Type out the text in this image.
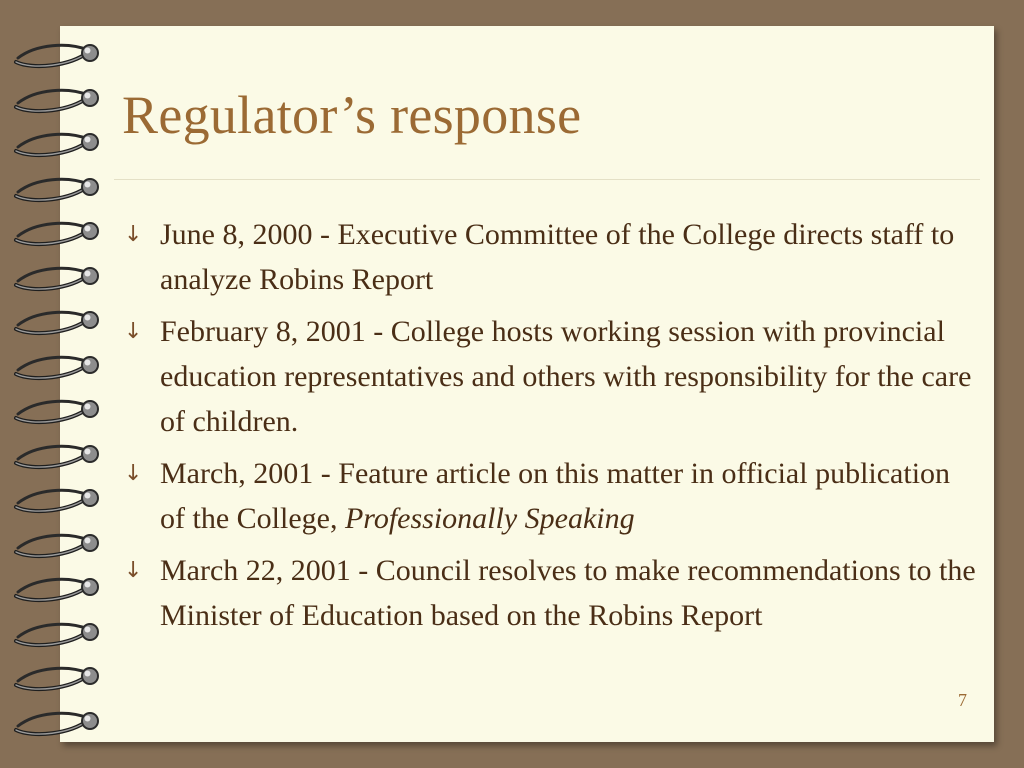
Regulator’s response
↓ June 8, 2000 - Executive Committee of the College directs staff to analyze Robins Report
↓ February 8, 2001 - College hosts working session with provincial education representatives and others with responsibility for the care of children.
↓ March, 2001 - Feature article on this matter in official publication of the College, Professionally Speaking
↓ March 22, 2001 - Council resolves to make recommendations to the Minister of Education based on the Robins Report
7
